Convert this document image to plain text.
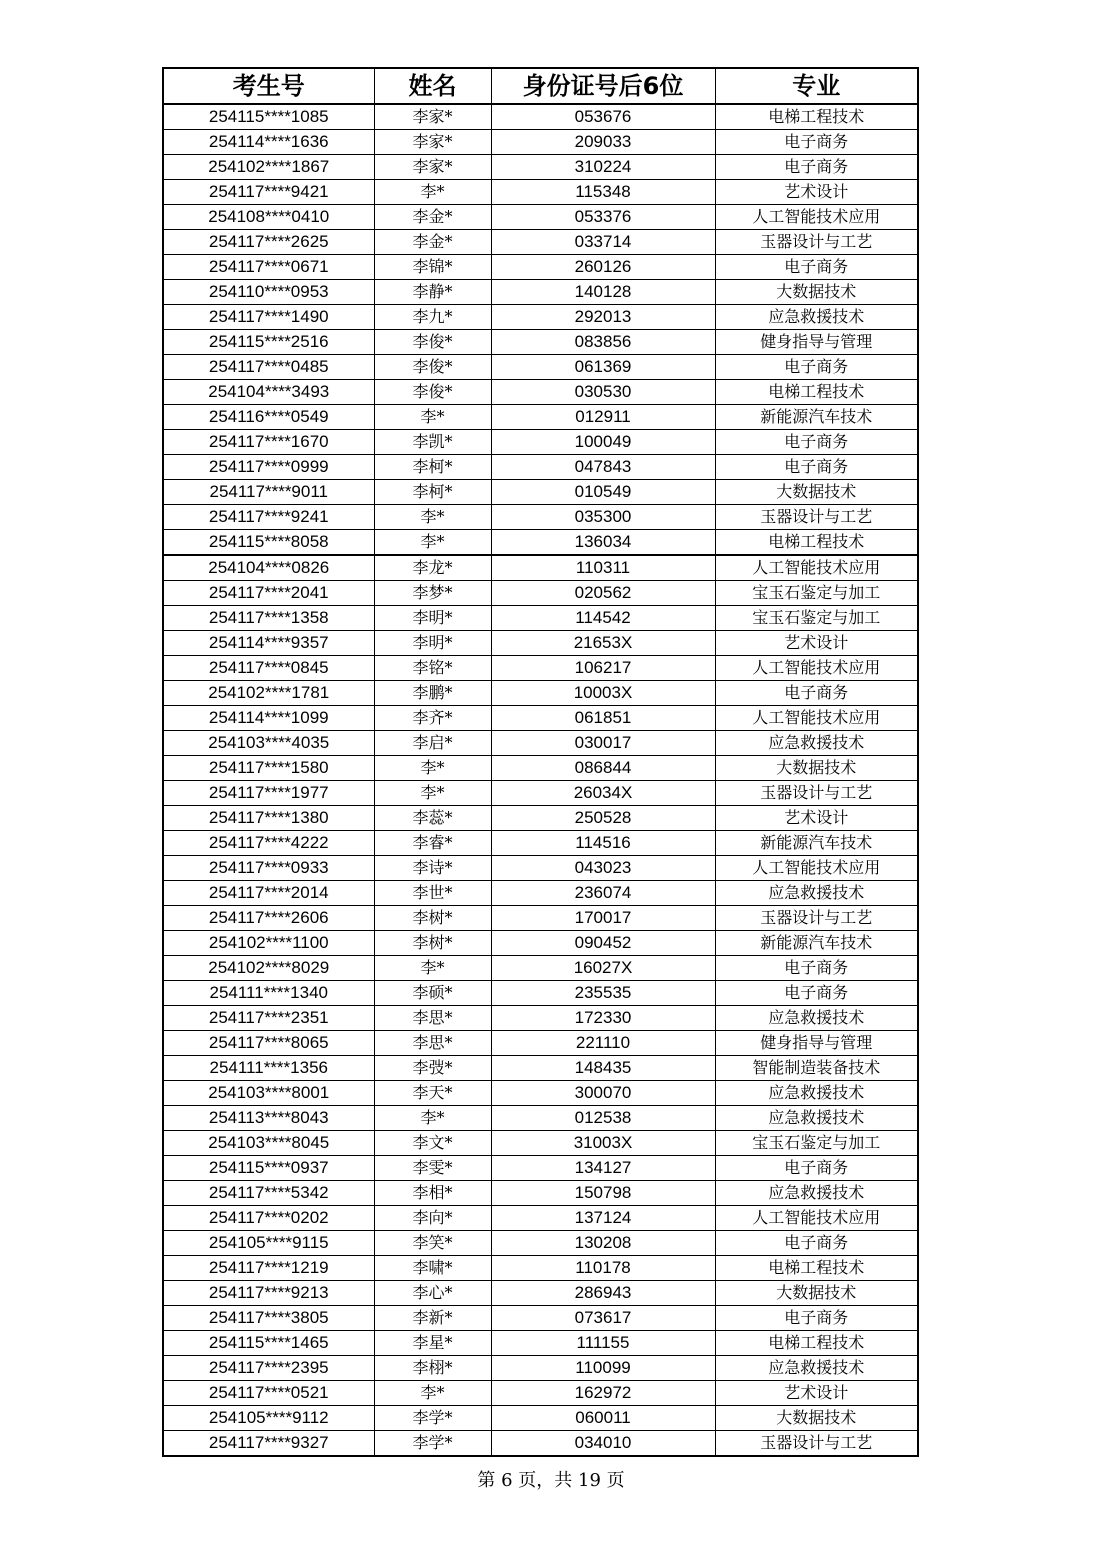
考生号	姓名	身份证号后6位	专业
254115****1085	李家*	053676	电梯工程技术
254114****1636	李家*	209033	电子商务
254102****1867	李家*	310224	电子商务
254117****9421	李*	115348	艺术设计
254108****0410	李金*	053376	人工智能技术应用
254117****2625	李金*	033714	玉器设计与工艺
254117****0671	李锦*	260126	电子商务
254110****0953	李静*	140128	大数据技术
254117****1490	李九*	292013	应急救援技术
254115****2516	李俊*	083856	健身指导与管理
254117****0485	李俊*	061369	电子商务
254104****3493	李俊*	030530	电梯工程技术
254116****0549	李*	012911	新能源汽车技术
254117****1670	李凯*	100049	电子商务
254117****0999	李柯*	047843	电子商务
254117****9011	李柯*	010549	大数据技术
254117****9241	李*	035300	玉器设计与工艺
254115****8058	李*	136034	电梯工程技术
254104****0826	李龙*	110311	人工智能技术应用
254117****2041	李梦*	020562	宝玉石鉴定与加工
254117****1358	李明*	114542	宝玉石鉴定与加工
254114****9357	李明*	21653X	艺术设计
254117****0845	李铭*	106217	人工智能技术应用
254102****1781	李鹏*	10003X	电子商务
254114****1099	李齐*	061851	人工智能技术应用
254103****4035	李启*	030017	应急救援技术
254117****1580	李*	086844	大数据技术
254117****1977	李*	26034X	玉器设计与工艺
254117****1380	李蕊*	250528	艺术设计
254117****4222	李睿*	114516	新能源汽车技术
254117****0933	李诗*	043023	人工智能技术应用
254117****2014	李世*	236074	应急救援技术
254117****2606	李树*	170017	玉器设计与工艺
254102****1100	李树*	090452	新能源汽车技术
254102****8029	李*	16027X	电子商务
254111****1340	李硕*	235535	电子商务
254117****2351	李思*	172330	应急救援技术
254117****8065	李思*	221110	健身指导与管理
254111****1356	李弢*	148435	智能制造装备技术
254103****8001	李天*	300070	应急救援技术
254113****8043	李*	012538	应急救援技术
254103****8045	李文*	31003X	宝玉石鉴定与加工
254115****0937	李雯*	134127	电子商务
254117****5342	李相*	150798	应急救援技术
254117****0202	李向*	137124	人工智能技术应用
254105****9115	李笑*	130208	电子商务
254117****1219	李啸*	110178	电梯工程技术
254117****9213	李心*	286943	大数据技术
254117****3805	李新*	073617	电子商务
254115****1465	李星*	111155	电梯工程技术
254117****2395	李栩*	110099	应急救援技术
254117****0521	李*	162972	艺术设计
254105****9112	李学*	060011	大数据技术
254117****9327	李学*	034010	玉器设计与工艺
第 6 页，共 19 页
